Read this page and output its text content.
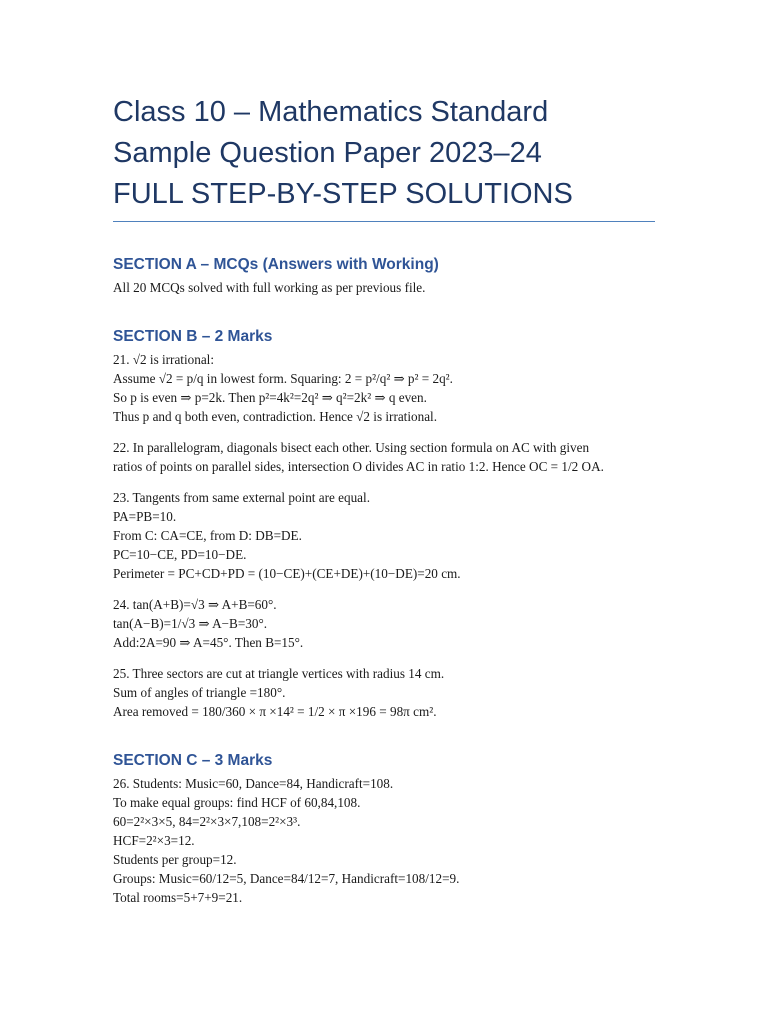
Class 10 – Mathematics Standard
Sample Question Paper 2023–24
FULL STEP-BY-STEP SOLUTIONS
SECTION A – MCQs (Answers with Working)

All 20 MCQs solved with full working as per previous file.

SECTION B – 2 Marks

21. √2 is irrational:
Assume √2 = p/q in lowest form. Squaring: 2 = p²/q² ⇒ p² = 2q².
So p is even ⇒ p=2k. Then p²=4k²=2q² ⇒ q²=2k² ⇒ q even.
Thus p and q both even, contradiction. Hence √2 is irrational.

22. In parallelogram, diagonals bisect each other. Using section formula on AC with given
ratios of points on parallel sides, intersection O divides AC in ratio 1:2. Hence OC = 1/2 OA.

23. Tangents from same external point are equal.
PA=PB=10.
From C: CA=CE, from D: DB=DE.
PC=10−CE, PD=10−DE.
Perimeter = PC+CD+PD = (10−CE)+(CE+DE)+(10−DE)=20 cm.

24. tan(A+B)=√3 ⇒ A+B=60°.
tan(A−B)=1/√3 ⇒ A−B=30°.
Add:2A=90 ⇒ A=45°. Then B=15°.

25. Three sectors are cut at triangle vertices with radius 14 cm.
Sum of angles of triangle =180°.
Area removed = 180/360 × π ×14² = 1/2 × π ×196 = 98π cm².

SECTION C – 3 Marks

26. Students: Music=60, Dance=84, Handicraft=108.
To make equal groups: find HCF of 60,84,108.
60=2²×3×5, 84=2²×3×7,108=2²×3³.
HCF=2²×3=12.
Students per group=12.
Groups: Music=60/12=5, Dance=84/12=7, Handicraft=108/12=9.
Total rooms=5+7+9=21.
